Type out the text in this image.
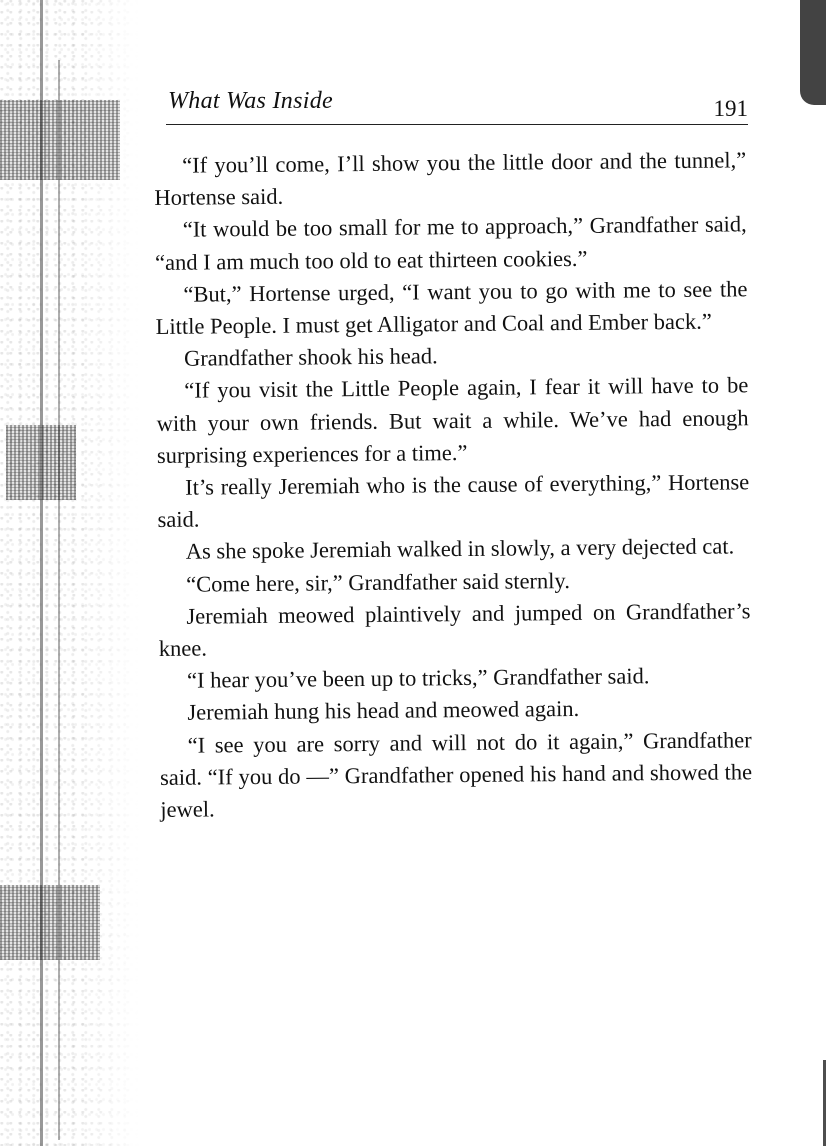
What Was Inside	191

“If you’ll come, I’ll show you the little door and the tunnel,” Hortense said.

“It would be too small for me to approach,” Grandfather said, “and I am much too old to eat thirteen cookies.”

“But,” Hortense urged, “I want you to go with me to see the Little People. I must get Alligator and Coal and Ember back.”

Grandfather shook his head.

“If you visit the Little People again, I fear it will have to be with your own friends. But wait a while. We’ve had enough surprising experiences for a time.”

It’s really Jeremiah who is the cause of everything,” Hortense said.

As she spoke Jeremiah walked in slowly, a very dejected cat.

“Come here, sir,” Grandfather said sternly.

Jeremiah meowed plaintively and jumped on Grandfather’s knee.

“I hear you’ve been up to tricks,” Grandfather said.

Jeremiah hung his head and meowed again.

“I see you are sorry and will not do it again,” Grandfather said. “If you do —” Grandfather opened his hand and showed the jewel.
